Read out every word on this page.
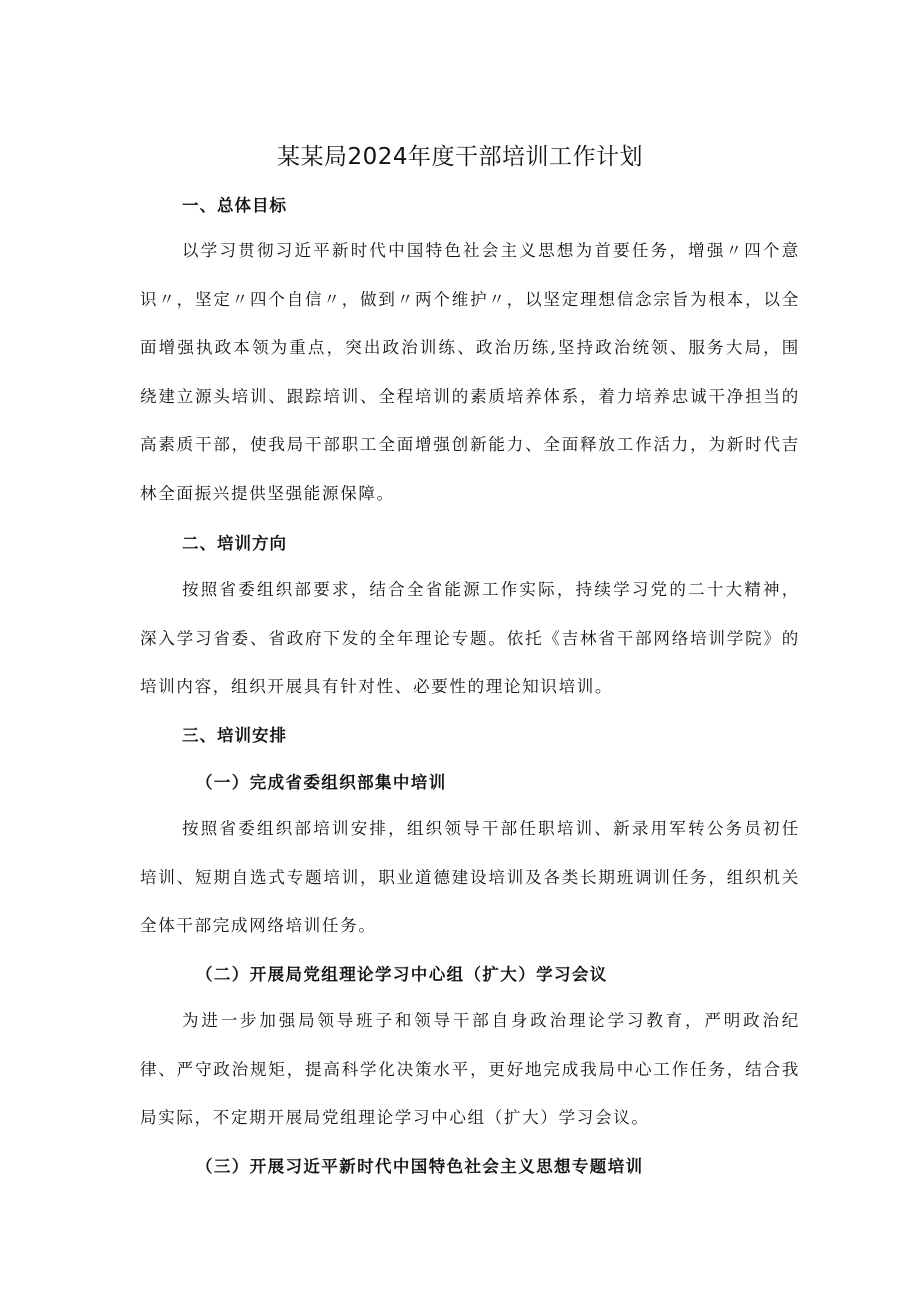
某某局2024年度干部培训工作计划
一、总体目标

以学习贯彻习近平新时代中国特色社会主义思想为首要任务，增强〃四个意识〃，坚定〃四个自信〃，做到〃两个维护〃，以坚定理想信念宗旨为根本，以全面增强执政本领为重点，突出政治训练、政治历练,坚持政治统领、服务大局，围绕建立源头培训、跟踪培训、全程培训的素质培养体系，着力培养忠诚干净担当的高素质干部，使我局干部职工全面增强创新能力、全面释放工作活力，为新时代吉林全面振兴提供坚强能源保障。

二、培训方向

按照省委组织部要求，结合全省能源工作实际，持续学习党的二十大精神，深入学习省委、省政府下发的全年理论专题。依托《吉林省干部网络培训学院》的培训内容，组织开展具有针对性、必要性的理论知识培训。

三、培训安排
（一）完成省委组织部集中培训

按照省委组织部培训安排，组织领导干部任职培训、新录用军转公务员初任培训、短期自选式专题培训，职业道德建设培训及各类长期班调训任务，组织机关全体干部完成网络培训任务。

（二）开展局党组理论学习中心组（扩大）学习会议

为进一步加强局领导班子和领导干部自身政治理论学习教育，严明政治纪律、严守政治规矩，提高科学化决策水平，更好地完成我局中心工作任务，结合我局实际，不定期开展局党组理论学习中心组（扩大）学习会议。

（三）开展习近平新时代中国特色社会主义思想专题培训
